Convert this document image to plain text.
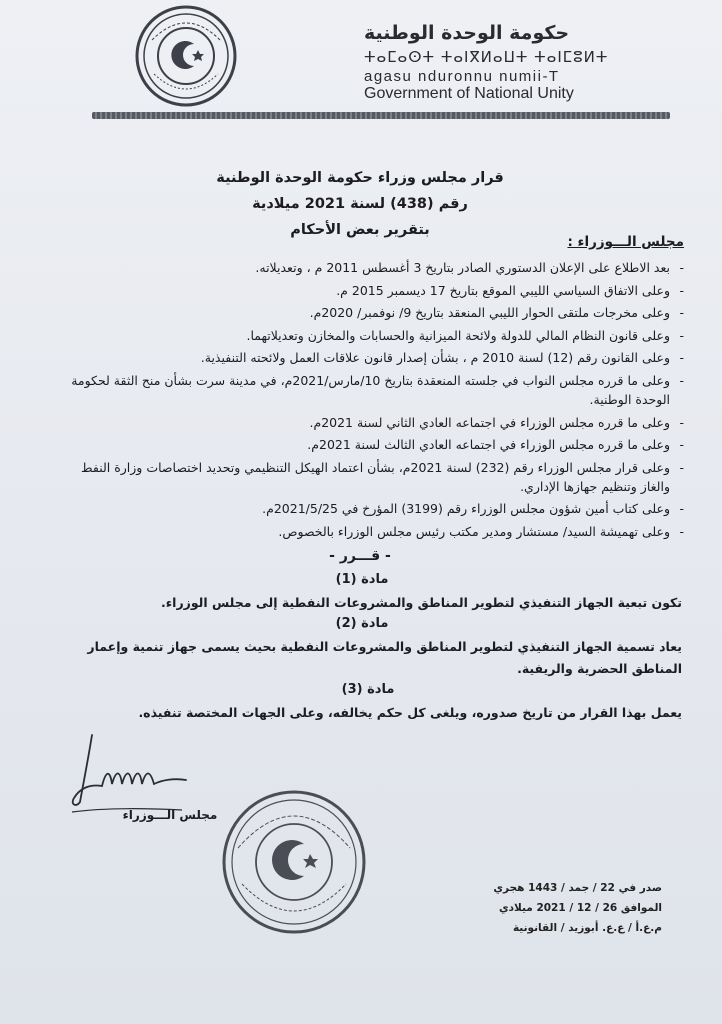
حكومة الوحدة الوطنية
ⵜⴰⵎⴰⵙⵜ ⵜⴰⵏⴳⵍⴰⵡⵜ ⵜⴰⵏⵎⵓⵍⵜ
agasu nduronnu numii-T
Government of National Unity
قرار مجلس وزراء حكومة الوحدة الوطنية
رقم (438) لسنة 2021 ميلادية
بتقرير بعض الأحكام
مجلس الـــوزراء :
- بعد الاطلاع على الإعلان الدستوري الصادر بتاريخ 3 أغسطس 2011 م ، وتعديلاته.
- وعلى الاتفاق السياسي الليبي الموقع بتاريخ 17 ديسمبر 2015 م.
- وعلى مخرجات ملتقى الحوار الليبي المنعقد بتاريخ 9/ نوفمبر/ 2020م.
- وعلى قانون النظام المالي للدولة ولائحة الميزانية والحسابات والمخازن وتعديلاتهما.
- وعلى القانون رقم (12) لسنة 2010 م ، بشأن إصدار قانون علاقات العمل ولائحته التنفيذية.
- وعلى ما قرره مجلس النواب في جلسته المنعقدة بتاريخ 10/مارس/2021م، في مدينة سرت بشأن منح الثقة لحكومة الوحدة الوطنية.
- وعلى ما قرره مجلس الوزراء في اجتماعه العادي الثاني لسنة 2021م.
- وعلى ما قرره مجلس الوزراء في اجتماعه العادي الثالث لسنة 2021م.
- وعلى قرار مجلس الوزراء رقم (232) لسنة 2021م، بشأن اعتماد الهيكل التنظيمي وتحديد اختصاصات وزارة النفط والغاز وتنظيم جهازها الإداري.
- وعلى كتاب أمين شؤون مجلس الوزراء رقم (3199) المؤرخ في 2021/5/25م.
- وعلى تهميشة السيد/ مستشار ومدير مكتب رئيس مجلس الوزراء بالخصوص.
- قـــرر -
مادة (1)
تكون تبعية الجهاز التنفيذي لتطوير المناطق والمشروعات النفطية إلى مجلس الوزراء.
مادة (2)
يعاد تسمية الجهاز التنفيذي لتطوير المناطق والمشروعات النفطية بحيث يسمى جهاز تنمية وإعمار المناطق الحضرية والريفية.
مادة (3)
يعمل بهذا القرار من تاريخ صدوره، ويلغى كل حكم يخالفه، وعلى الجهات المختصة تنفيذه.
مجلس الـــوزراء
صدر في 22 / جمد / 1443 هجري
الموافق 26 / 12 / 2021 ميلادي
م.ع.أ / ع.ع. أبوزيد / القانونية
